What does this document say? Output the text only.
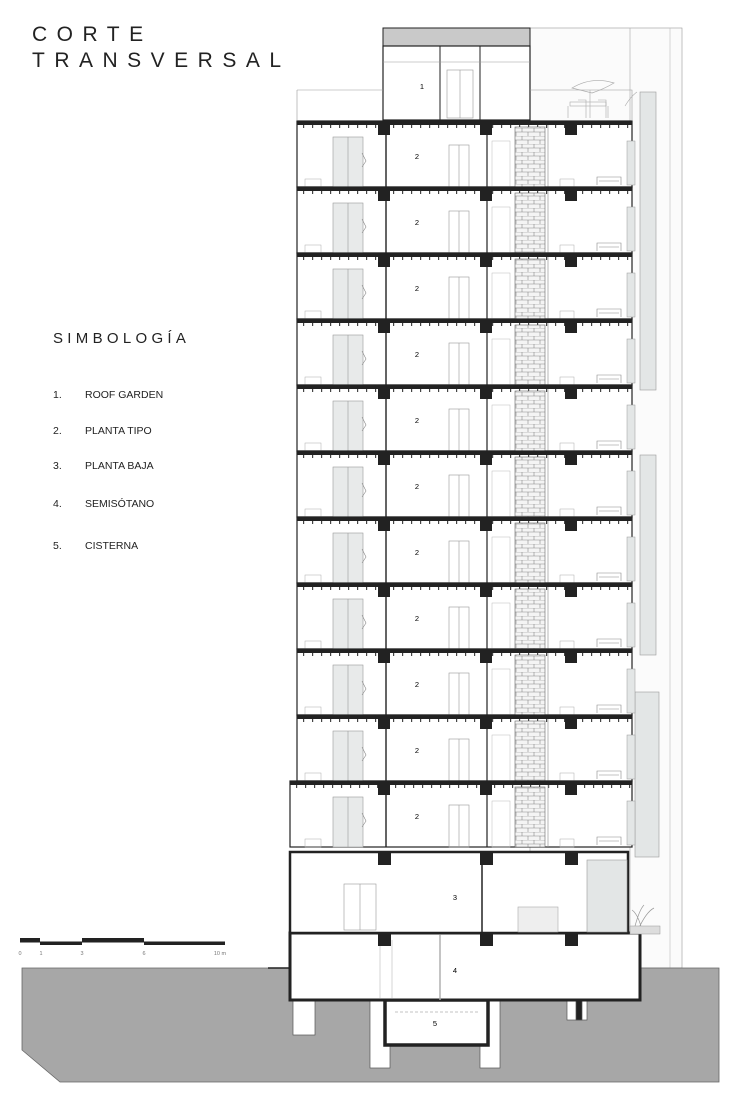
CORTE
TRANSVERSAL
SIMBOLOGÍA
1. ROOF GARDEN
2. PLANTA TIPO
3. PLANTA BAJA
4. SEMISÓTANO
5. CISTERNA
1
2
2
2
2
2
2
2
2
2
2
2
3
4
5
0	1	3	6	10 m
